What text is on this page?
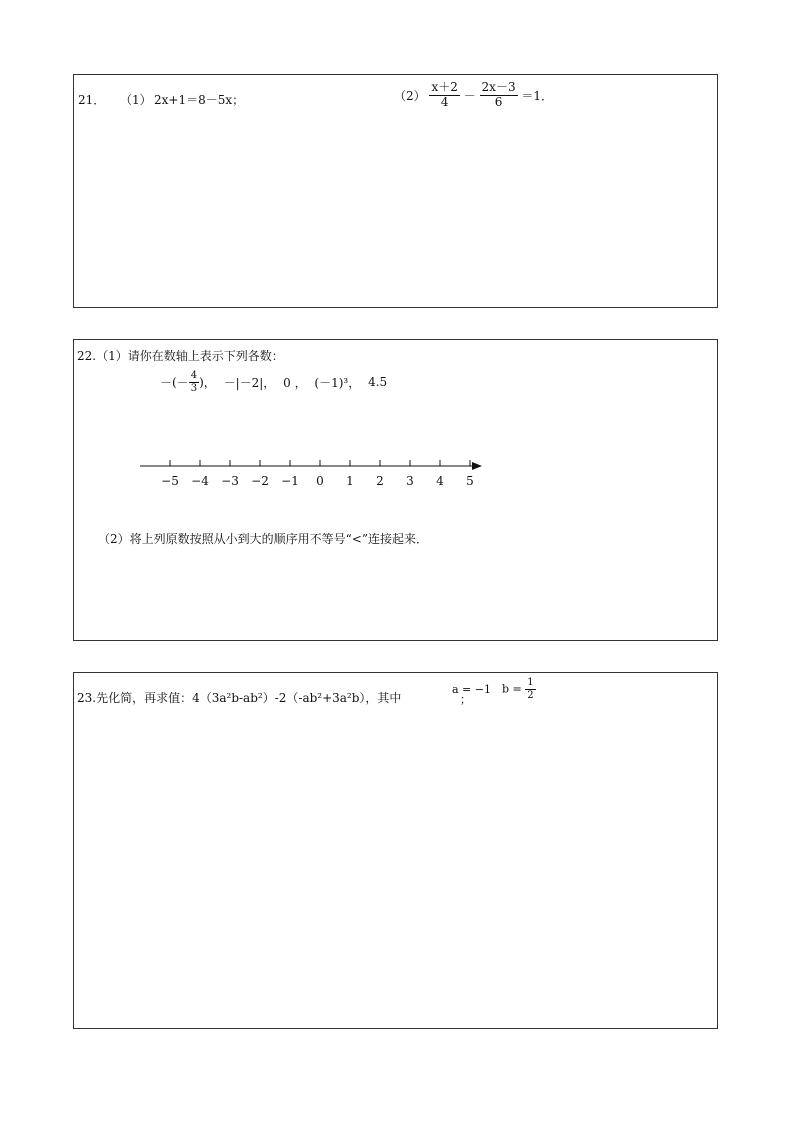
21． （1） 2x+1＝8－5x；	$(2) \frac{x+2}{4} - \frac{2x-3}{6} =1$．
22.（1）请你在数轴上表示下列各数：
－(－ $\frac{4}{3}$ )， －|－2|， 0 ， (－1)³， 4.5
−5 −4 −3 −2 −1 0 1 2 3 4 5
（2）将上列原数按照从小到大的顺序用不等号“<”连接起来．
23.先化简，再求值：4（3a²b-ab²）-2（-ab²+3a²b），其中
a = −1
；
$b = \frac{1}{2}$
